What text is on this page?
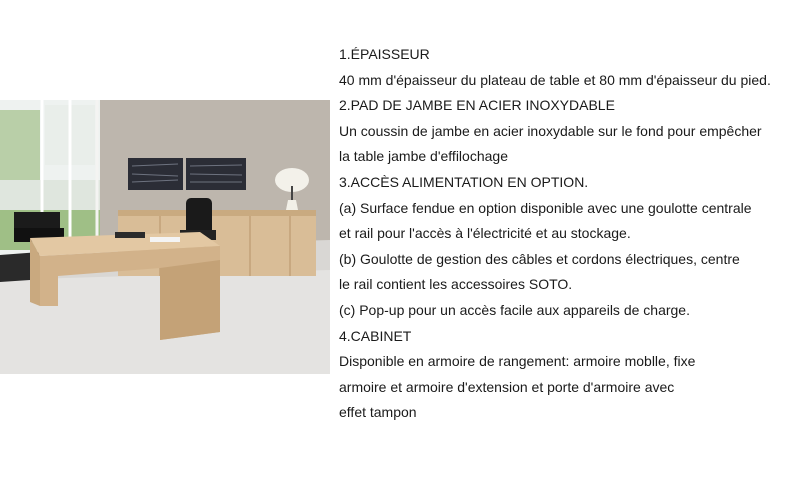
1.ÉPAISSEUR
40 mm d'épaisseur du plateau de table et 80 mm d'épaisseur du pied.
2.PAD DE JAMBE EN ACIER INOXYDABLE
Un coussin de jambe en acier inoxydable sur le fond pour empêcher
la table jambe d'effilochage
3.ACCÈS ALIMENTATION EN OPTION.
(a) Surface fendue en option disponible avec une goulotte centrale
et rail pour l'accès à l'électricité et au stockage.
(b) Goulotte de gestion des câbles et cordons électriques, centre
le rail contient les accessoires SOTO.
(c) Pop-up pour un accès facile aux appareils de charge.
4.CABINET
Disponible en armoire de rangement: armoire moblle, fixe
armoire et armoire d'extension et porte d'armoire avec
effet tampon
